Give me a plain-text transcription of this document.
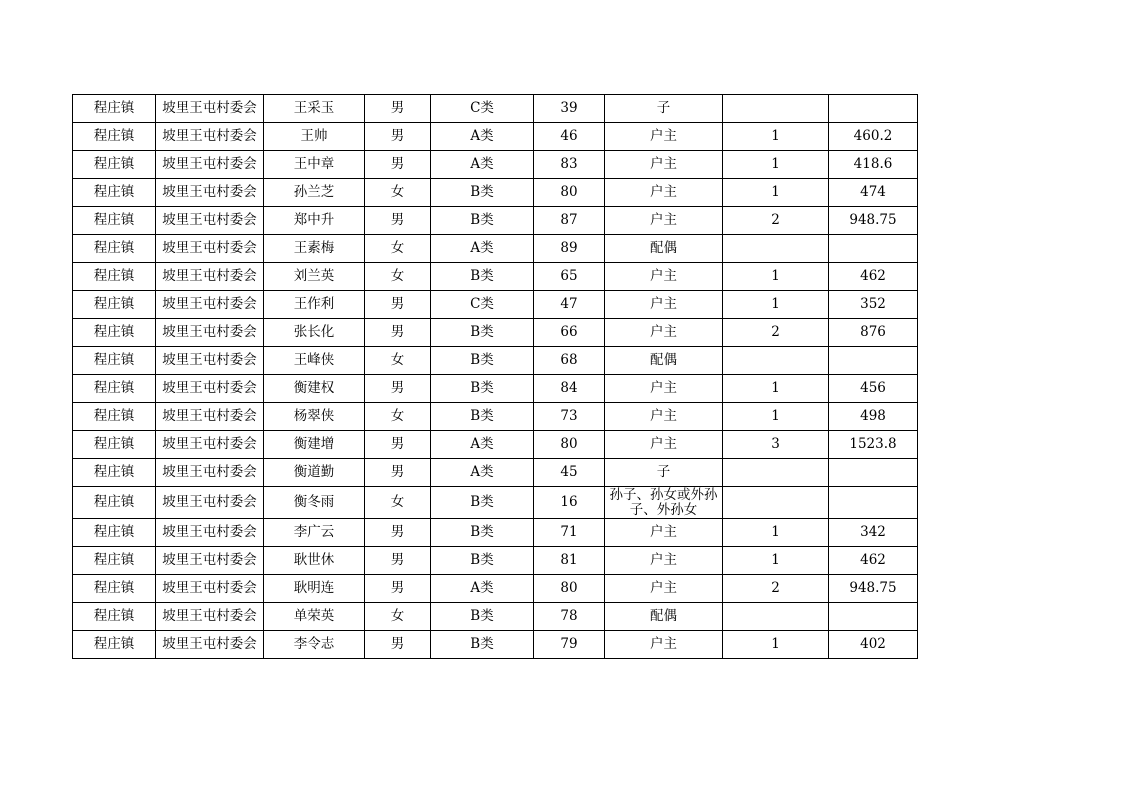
程庄镇	坡里王屯村委会	王采玉	男	C类	39	子		
程庄镇	坡里王屯村委会	王帅	男	A类	46	户主	1	460.2
程庄镇	坡里王屯村委会	王中章	男	A类	83	户主	1	418.6
程庄镇	坡里王屯村委会	孙兰芝	女	B类	80	户主	1	474
程庄镇	坡里王屯村委会	郑中升	男	B类	87	户主	2	948.75
程庄镇	坡里王屯村委会	王素梅	女	A类	89	配偶		
程庄镇	坡里王屯村委会	刘兰英	女	B类	65	户主	1	462
程庄镇	坡里王屯村委会	王作利	男	C类	47	户主	1	352
程庄镇	坡里王屯村委会	张长化	男	B类	66	户主	2	876
程庄镇	坡里王屯村委会	王峰侠	女	B类	68	配偶		
程庄镇	坡里王屯村委会	衡建权	男	B类	84	户主	1	456
程庄镇	坡里王屯村委会	杨翠侠	女	B类	73	户主	1	498
程庄镇	坡里王屯村委会	衡建增	男	A类	80	户主	3	1523.8
程庄镇	坡里王屯村委会	衡道勤	男	A类	45	子		
程庄镇	坡里王屯村委会	衡冬雨	女	B类	16	孙子、孙女或外孙子、外孙女		
程庄镇	坡里王屯村委会	李广云	男	B类	71	户主	1	342
程庄镇	坡里王屯村委会	耿世休	男	B类	81	户主	1	462
程庄镇	坡里王屯村委会	耿明连	男	A类	80	户主	2	948.75
程庄镇	坡里王屯村委会	单荣英	女	B类	78	配偶		
程庄镇	坡里王屯村委会	李令志	男	B类	79	户主	1	402
